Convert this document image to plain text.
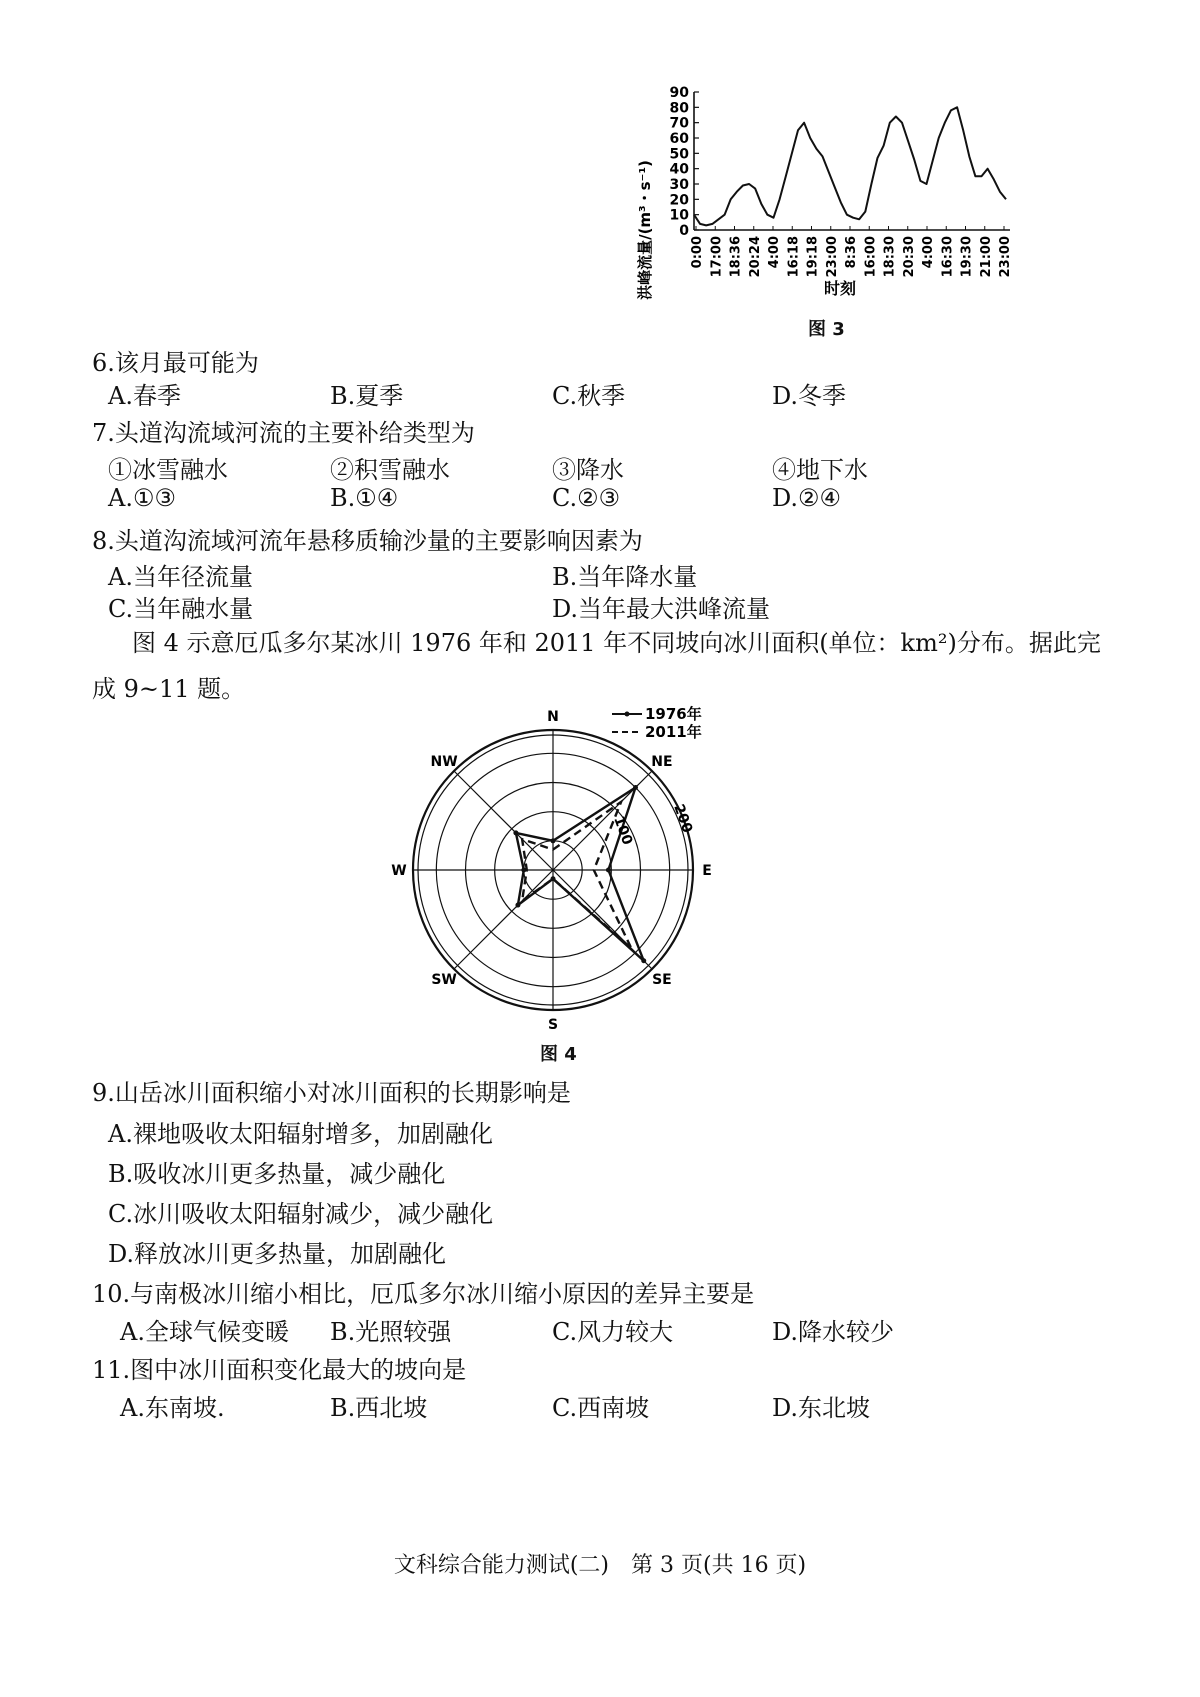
0
10
20
30
40
50
60
70
80
90
0:00 17:00 18:36 20:24 4:00 16:18 19:18 23:00 8:36 16:00 18:30 20:30 4:00 16:30 19:30 21:00 23:00
洪峰流量/(m³・s⁻¹)	时刻
图 3
6.该月最可能为
A.春季	B.夏季	C.秋季	D.冬季
7.头道沟流域河流的主要补给类型为
①冰雪融水	②积雪融水	③降水	④地下水
A.①③	B.①④	C.②③	D.②④
8.头道沟流域河流年悬移质输沙量的主要影响因素为
A.当年径流量	B.当年降水量
C.当年融水量	D.当年最大洪峰流量
图 4 示意厄瓜多尔某冰川 1976 年和 2011 年不同坡向冰川面积(单位：km²)分布。据此完成 9~11 题。
N
NE
E
SE
S
SW
W
NW
100 200
1976年
2011年
图 4
9.山岳冰川面积缩小对冰川面积的长期影响是
A.裸地吸收太阳辐射增多，加剧融化
B.吸收冰川更多热量，减少融化
C.冰川吸收太阳辐射减少，减少融化
D.释放冰川更多热量，加剧融化
10.与南极冰川缩小相比，厄瓜多尔冰川缩小原因的差异主要是
A.全球气候变暖 B.光照较强	C.风力较大	D.降水较少
11.图中冰川面积变化最大的坡向是
A.东南坡.	B.西北坡	C.西南坡	D.东北坡
文科综合能力测试(二)　第 3 页(共 16 页)
